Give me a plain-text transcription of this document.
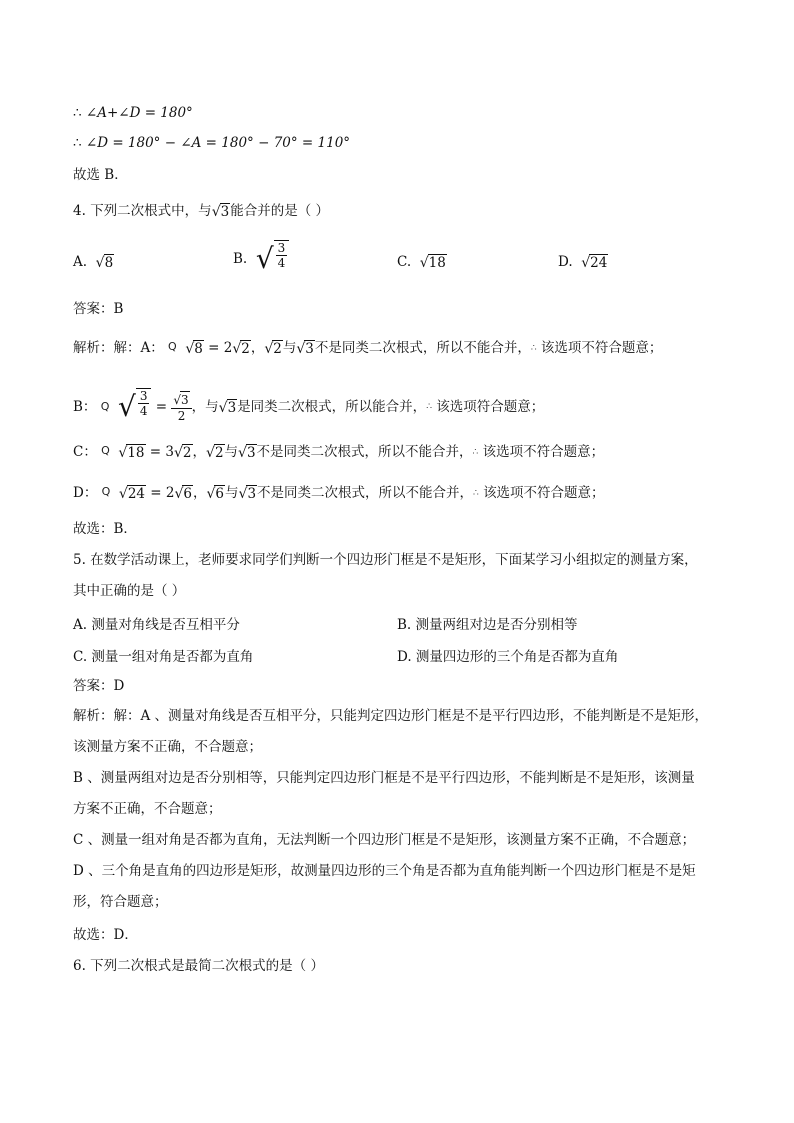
∴ ∠A+∠D = 180°
∴ ∠D = 180° − ∠A = 180° − 70° = 110°
故选 B．
4. 下列二次根式中，与 √ 3 能合并的是（ ）
A. √ 8	B. √ $\frac{3}{4}$	C. √ 18	D. √ 24
答案：B
解析：解：A： Q √ 8 = 2 √ 2 ， √ 2 与 √ 3 不是同类二次根式，所以不能合并，∴ 该选项不符合题意；
B： Q √ $\frac{3}{4} = \frac{√ 3}{2}$ ，与 √ 3 是同类二次根式，所以能合并，∴ 该选项符合题意；
C： Q √ 18 = 3 √ 2 ， √ 2 与 √ 3 不是同类二次根式，所以不能合并，∴ 该选项不符合题意；
D： Q √ 24 = 2 √ 6 ， √ 6 与 √ 3 不是同类二次根式，所以不能合并，∴ 该选项不符合题意；
故选：B．
5. 在数学活动课上，老师要求同学们判断一个四边形门框是不是矩形，下面某学习小组拟定的测量方案，
其中正确的是（ ）
A. 测量对角线是否互相平分	B. 测量两组对边是否分别相等
C. 测量一组对角是否都为直角	D. 测量四边形的三个角是否都为直角
答案：D
解析：解：A 、测量对角线是否互相平分，只能判定四边形门框是不是平行四边形，不能判断是不是矩形，
该测量方案不正确，不合题意；
B 、测量两组对边是否分别相等，只能判定四边形门框是不是平行四边形，不能判断是不是矩形，该测量
方案不正确，不合题意；
C 、测量一组对角是否都为直角，无法判断一个四边形门框是不是矩形，该测量方案不正确，不合题意；
D 、三个角是直角的四边形是矩形，故测量四边形的三个角是否都为直角能判断一个四边形门框是不是矩
形，符合题意；
故选：D．
6. 下列二次根式是最简二次根式的是（ ）
